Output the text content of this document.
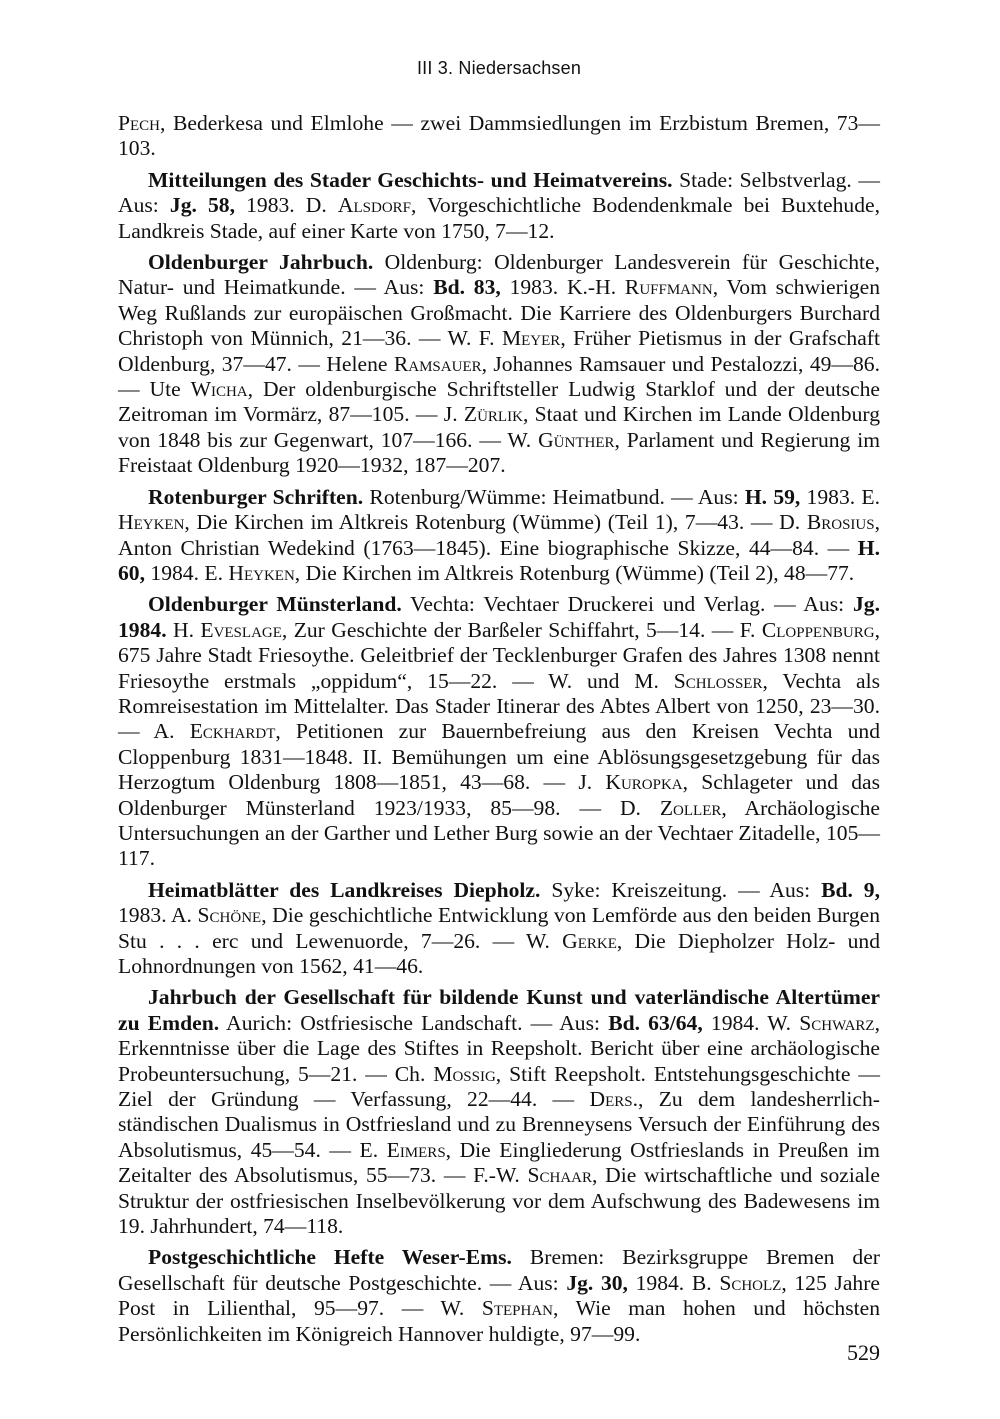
III 3. Niedersachsen

Pech, Bederkesa und Elmlohe — zwei Dammsiedlungen im Erzbistum Bremen, 73—103.

Mitteilungen des Stader Geschichts- und Heimatvereins. Stade: Selbstverlag. — Aus: Jg. 58, 1983. D. Alsdorf, Vorgeschichtliche Bodendenkmale bei Buxtehude, Landkreis Stade, auf einer Karte von 1750, 7—12.

Oldenburger Jahrbuch. Oldenburg: Oldenburger Landesverein für Geschichte, Natur- und Heimatkunde. — Aus: Bd. 83, 1983. K.-H. Ruffmann, Vom schwierigen Weg Rußlands zur europäischen Großmacht. Die Karriere des Oldenburgers Burchard Christoph von Münnich, 21—36. — W. F. Meyer, Früher Pietismus in der Grafschaft Oldenburg, 37—47. — Helene Ramsauer, Johannes Ramsauer und Pestalozzi, 49—86. — Ute Wicha, Der oldenburgische Schriftsteller Ludwig Starklof und der deutsche Zeitroman im Vormärz, 87—105. — J. Zürlik, Staat und Kirchen im Lande Oldenburg von 1848 bis zur Gegenwart, 107—166. — W. Günther, Parlament und Regierung im Freistaat Oldenburg 1920—1932, 187—207.

Rotenburger Schriften. Rotenburg/Wümme: Heimatbund. — Aus: H. 59, 1983. E. Heyken, Die Kirchen im Altkreis Rotenburg (Wümme) (Teil 1), 7—43. — D. Brosius, Anton Christian Wedekind (1763—1845). Eine biographische Skizze, 44—84. — H. 60, 1984. E. Heyken, Die Kirchen im Altkreis Rotenburg (Wümme) (Teil 2), 48—77.

Oldenburger Münsterland. Vechta: Vechtaer Druckerei und Verlag. — Aus: Jg. 1984. H. Eveslage, Zur Geschichte der Barßeler Schiffahrt, 5—14. — F. Cloppenburg, 675 Jahre Stadt Friesoythe. Geleitbrief der Tecklenburger Grafen des Jahres 1308 nennt Friesoythe erstmals „oppidum“, 15—22. — W. und M. Schlosser, Vechta als Romreisestation im Mittelalter. Das Stader Itinerar des Abtes Albert von 1250, 23—30. — A. Eckhardt, Petitionen zur Bauernbefreiung aus den Kreisen Vechta und Cloppenburg 1831—1848. II. Bemühungen um eine Ablösungsgesetzgebung für das Herzogtum Oldenburg 1808—1851, 43—68. — J. Kuropka, Schlageter und das Oldenburger Münsterland 1923/1933, 85—98. — D. Zoller, Archäologische Untersuchungen an der Garther und Lether Burg sowie an der Vechtaer Zitadelle, 105—117.

Heimatblätter des Landkreises Diepholz. Syke: Kreiszeitung. — Aus: Bd. 9, 1983. A. Schöne, Die geschichtliche Entwicklung von Lemförde aus den beiden Burgen Stu . . . erc und Lewenuorde, 7—26. — W. Gerke, Die Diepholzer Holz- und Lohnordnungen von 1562, 41—46.

Jahrbuch der Gesellschaft für bildende Kunst und vaterländische Altertümer zu Emden. Aurich: Ostfriesische Landschaft. — Aus: Bd. 63/64, 1984. W. Schwarz, Erkenntnisse über die Lage des Stiftes in Reepsholt. Bericht über eine archäologische Probeuntersuchung, 5—21. — Ch. Mossig, Stift Reepsholt. Entstehungsgeschichte — Ziel der Gründung — Verfassung, 22—44. — Ders., Zu dem landesherrlich-ständischen Dualismus in Ostfriesland und zu Brenneysens Versuch der Einführung des Absolutismus, 45—54. — E. Eimers, Die Eingliederung Ostfrieslands in Preußen im Zeitalter des Absolutismus, 55—73. — F.-W. Schaar, Die wirtschaftliche und soziale Struktur der ostfriesischen Inselbevölkerung vor dem Aufschwung des Badewesens im 19. Jahrhundert, 74—118.

Postgeschichtliche Hefte Weser-Ems. Bremen: Bezirksgruppe Bremen der Gesellschaft für deutsche Postgeschichte. — Aus: Jg. 30, 1984. B. Scholz, 125 Jahre Post in Lilienthal, 95—97. — W. Stephan, Wie man hohen und höchsten Persönlichkeiten im Königreich Hannover huldigte, 97—99.

529
